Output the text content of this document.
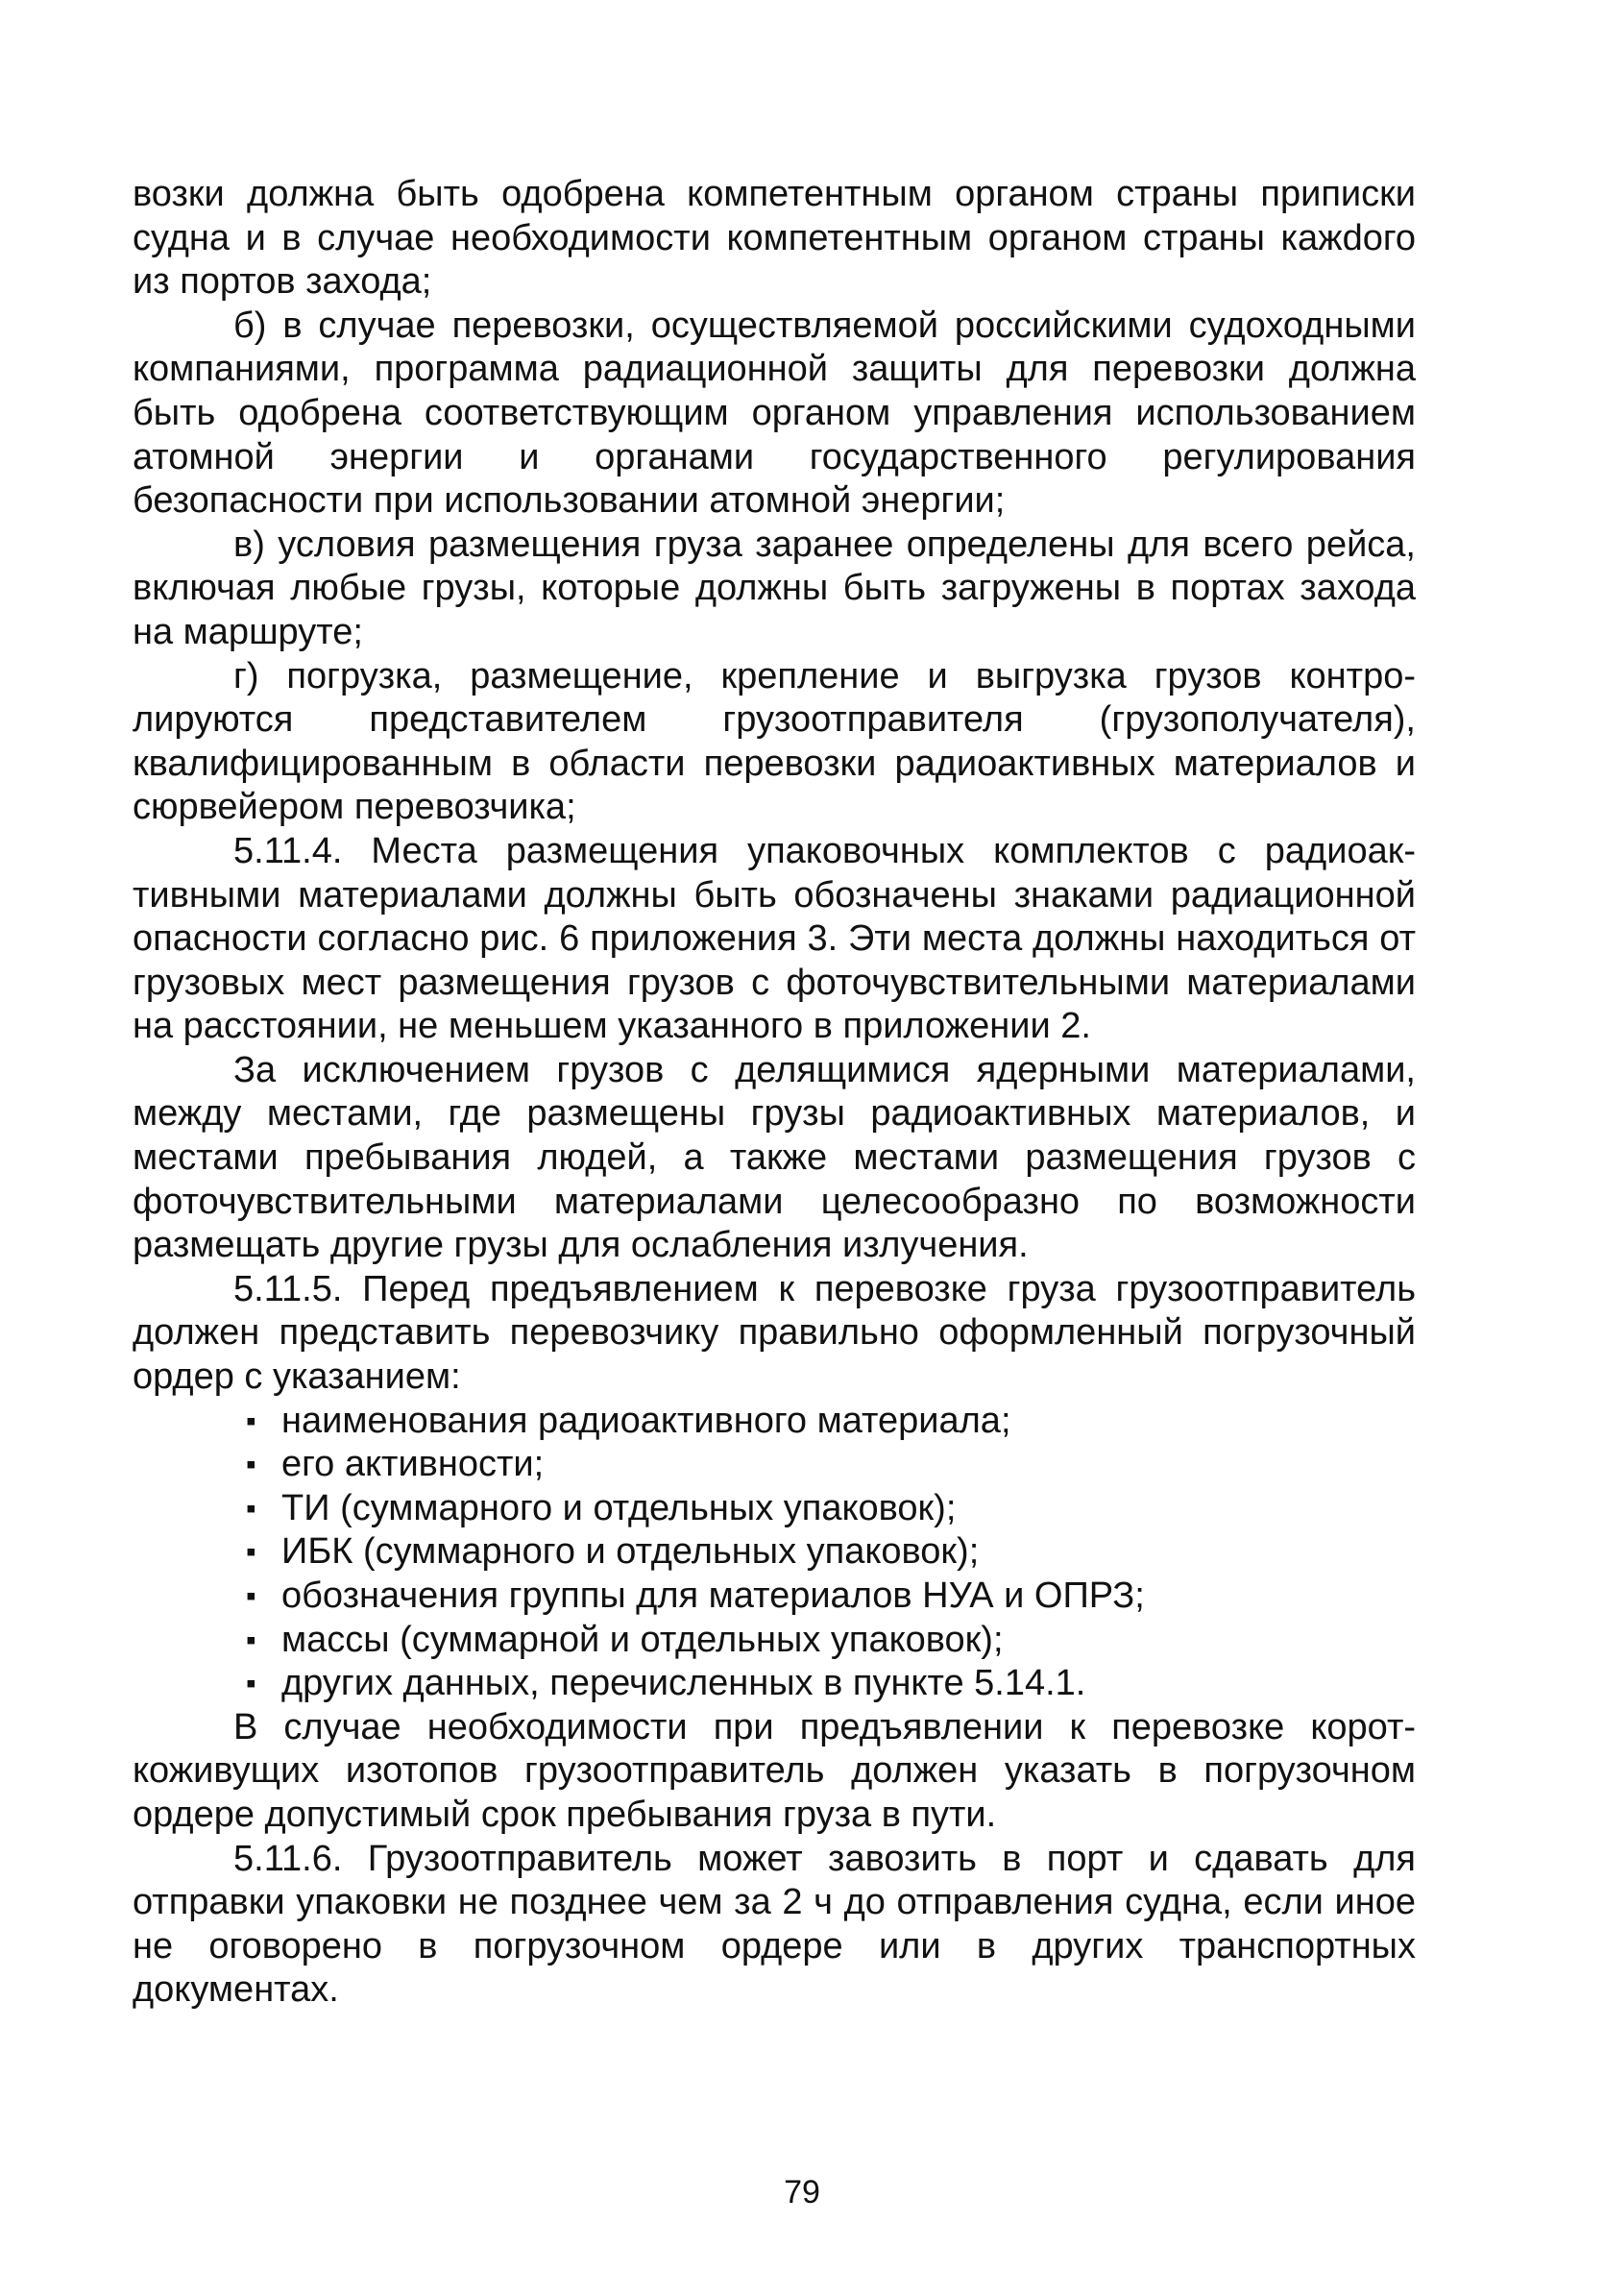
возки должна быть одобрена компетентным органом страны приписки судна и в случае необходимости компетентным органом страны кажdого из портов захода;

б) в случае перевозки, осуществляемой российскими судоходными компаниями, программа радиационной защиты для перевозки должна быть одобрена соответствующим органом управления использованием атомной энергии и органами государственного регулирования безопасности при использовании атомной энергии;

в) условия размещения груза заранее определены для всего рейса, включая любые грузы, которые должны быть загружены в портах захода на маршруте;

г) погрузка, размещение, крепление и выгрузка грузов контролируются представителем грузоотправителя (грузополучателя), квалифицированным в области перевозки радиоактивных материалов и сюрвейером перевозчика;

5.11.4. Места размещения упаковочных комплектов с радиоактивными материалами должны быть обозначены знаками радиационной опасности согласно рис. 6 приложения 3. Эти места должны находиться от грузовых мест размещения грузов с фоточувствительными материалами на расстоянии, не меньшем указанного в приложении 2.

За исключением грузов с делящимися ядерными материалами, между местами, где размещены грузы радиоактивных материалов, и местами пребывания людей, а также местами размещения грузов с фоточувствительными материалами целесообразно по возможности размещать другие грузы для ослабления излучения.

5.11.5. Перед предъявлением к перевозке груза грузоотправитель должен представить перевозчику правильно оформленный погрузочный ордер с указанием:

▪ наименования радиоактивного материала;
▪ его активности;
▪ ТИ (суммарного и отдельных упаковок);
▪ ИБК (суммарного и отдельных упаковок);
▪ обозначения группы для материалов НУА и ОПРЗ;
▪ массы (суммарной и отдельных упаковок);
▪ других данных, перечисленных в пункте 5.14.1.

В случае необходимости при предъявлении к перевозке короткоживущих изотопов грузоотправитель должен указать в погрузочном ордере допустимый срок пребывания груза в пути.

5.11.6. Грузоотправитель может завозить в порт и сдавать для отправки упаковки не позднее чем за 2 ч до отправления судна, если иное не оговорено в погрузочном ордере или в других транспортных документах.

79
